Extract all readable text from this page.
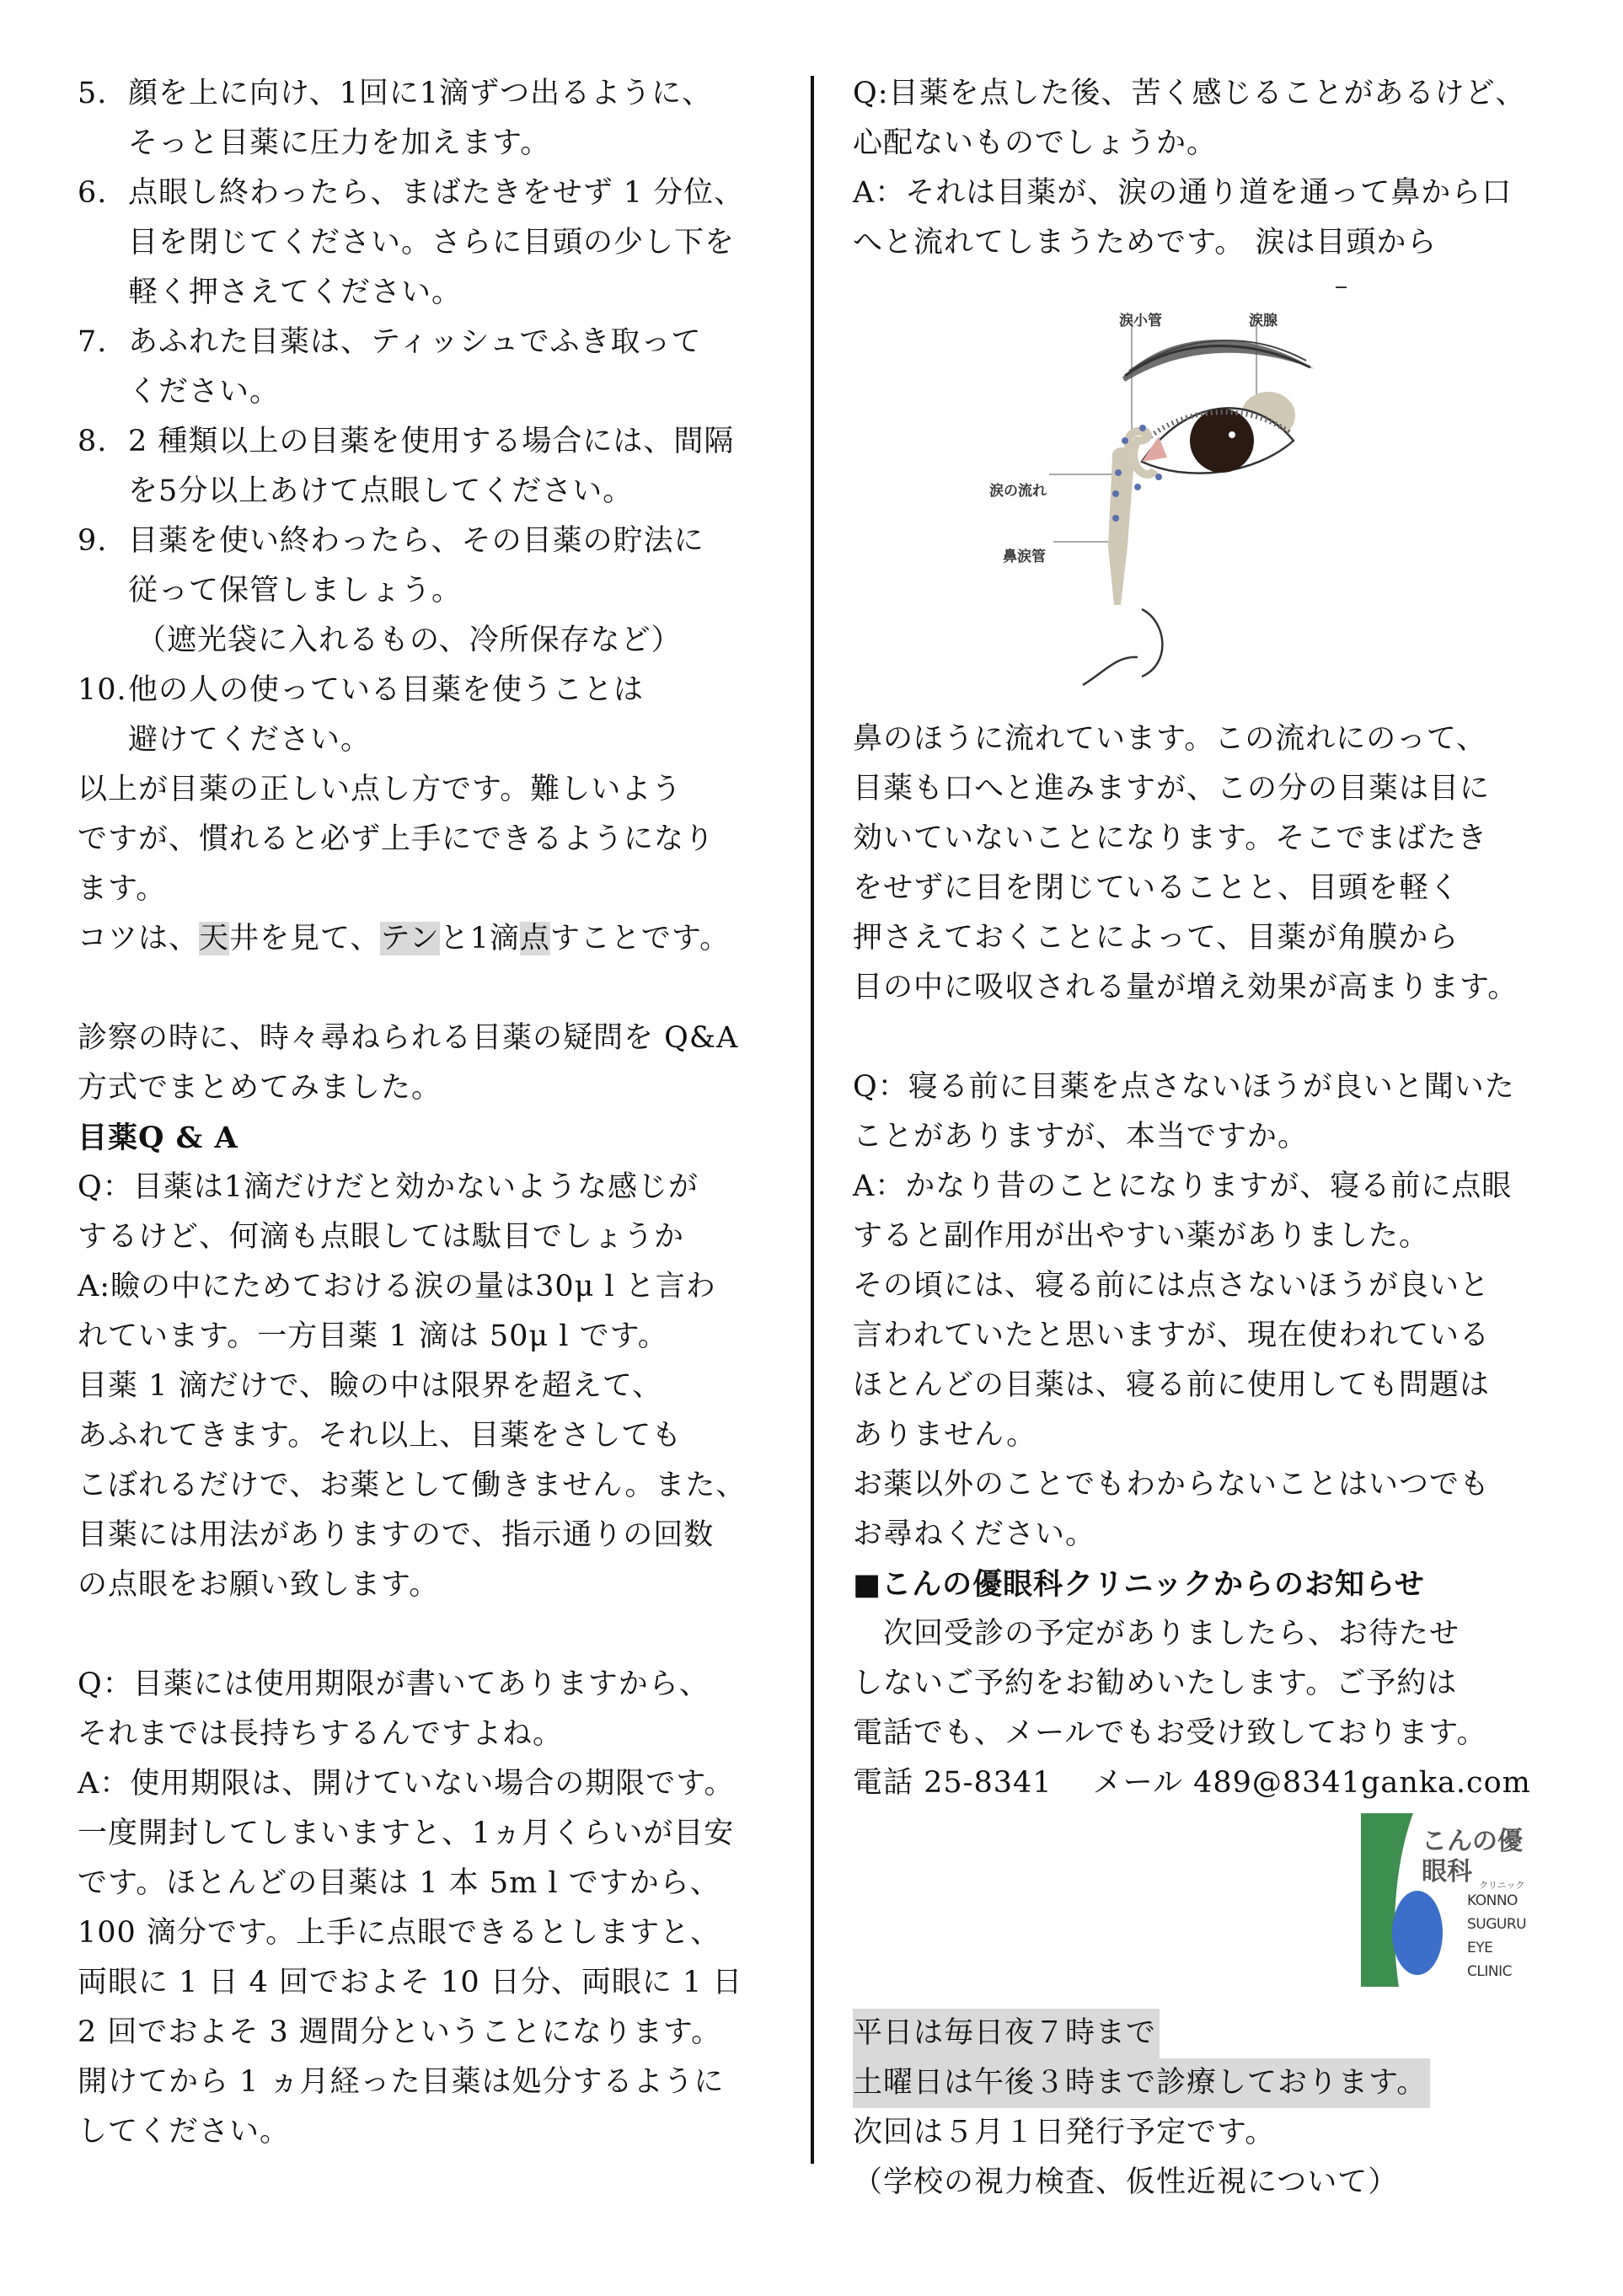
5. 顔を上に向け、1回に1滴ずつ出るように、
そっと目薬に圧力を加えます。
6. 点眼し終わったら、まばたきをせず 1 分位、
目を閉じてください。さらに目頭の少し下を
軽く押さえてください。
7. あふれた目薬は、ティッシュでふき取って
ください。
8. 2 種類以上の目薬を使用する場合には、間隔
を5分以上あけて点眼してください。
9. 目薬を使い終わったら、その目薬の貯法に
従って保管しましょう。
（遮光袋に入れるもの、冷所保存など）
10.他の人の使っている目薬を使うことは
避けてください。
以上が目薬の正しい点し方です。難しいよう
ですが、慣れると必ず上手にできるようになり
ます。
コツは、天井を見て、テンと1滴点すことです。
診察の時に、時々尋ねられる目薬の疑問を Q&A
方式でまとめてみました。
目薬Q & A
Q：目薬は1滴だけだと効かないような感じが
するけど、何滴も点眼しては駄目でしょうか
A:瞼の中にためておける涙の量は30μ l と言わ
れています。一方目薬 1 滴は 50μ l です。
目薬 1 滴だけで、瞼の中は限界を超えて、
あふれてきます。それ以上、目薬をさしても
こぼれるだけで、お薬として働きません。また、
目薬には用法がありますので、指示通りの回数
の点眼をお願い致します。
Q：目薬には使用期限が書いてありますから、
それまでは長持ちするんですよね。
A：使用期限は、開けていない場合の期限です。
一度開封してしまいますと、1ヵ月くらいが目安
です。ほとんどの目薬は 1 本 5m l ですから、
100 滴分です。上手に点眼できるとしますと、
両眼に 1 日 4 回でおよそ 10 日分、両眼に 1 日
2 回でおよそ 3 週間分ということになります。
開けてから 1 ヵ月経った目薬は処分するように
してください。
Q:目薬を点した後、苦く感じることがあるけど、
心配ないものでしょうか。
A：それは目薬が、涙の通り道を通って鼻から口
へと流れてしまうためです。 涙は目頭から
涙小管	涙腺
涙の流れ
鼻涙管
鼻のほうに流れています。この流れにのって、
目薬も口へと進みますが、この分の目薬は目に
効いていないことになります。そこでまばたき
をせずに目を閉じていることと、目頭を軽く
押さえておくことによって、目薬が角膜から
目の中に吸収される量が増え効果が高まります。
Q：寝る前に目薬を点さないほうが良いと聞いた
ことがありますが、本当ですか。
A：かなり昔のことになりますが、寝る前に点眼
すると副作用が出やすい薬がありました。
その頃には、寝る前には点さないほうが良いと
言われていたと思いますが、現在使われている
ほとんどの目薬は、寝る前に使用しても問題は
ありません。
お薬以外のことでもわからないことはいつでも
お尋ねください。
■こんの優眼科クリニックからのお知らせ
次回受診の予定がありましたら、お待たせ
しないご予約をお勧めいたします。ご予約は
電話でも、メールでもお受け致しております。
電話 25-8341　 メール 489@8341ganka.com
こんの優
眼科 クリニック
KONNO
SUGURU
EYE
CLINIC
平日は毎日夜７時まで
土曜日は午後３時まで診療しております。
次回は５月１日発行予定です。
（学校の視力検査、仮性近視について）
